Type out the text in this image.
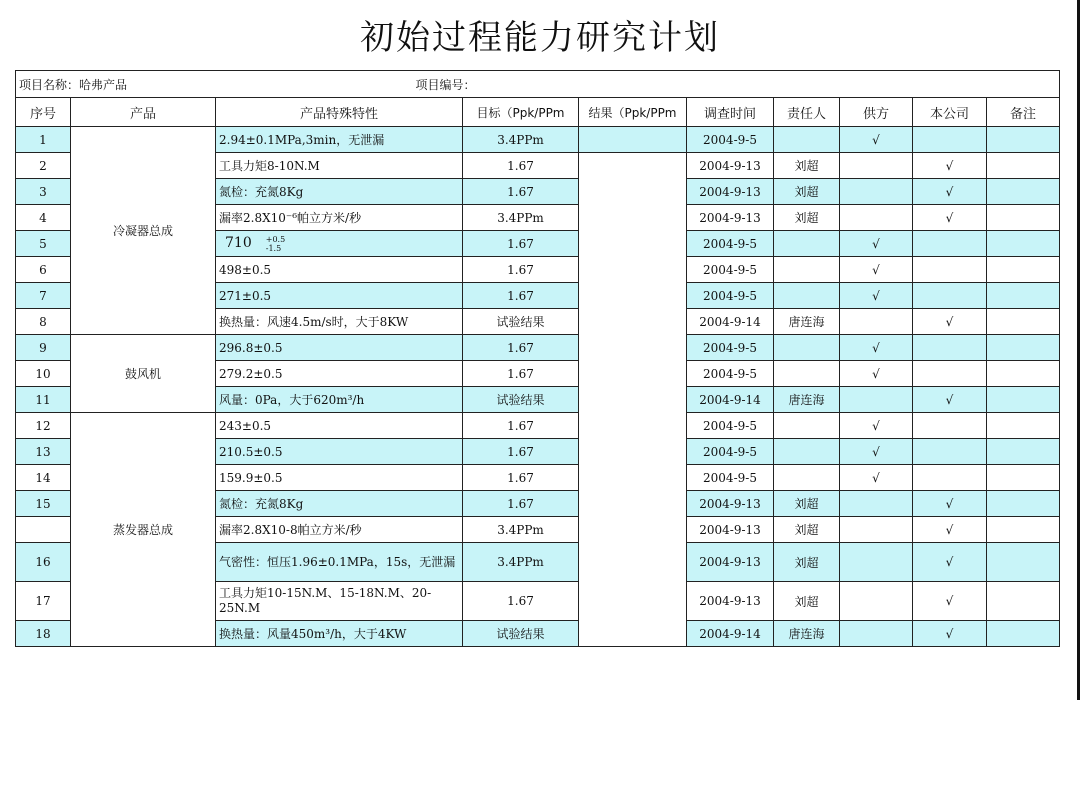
初始过程能力研究计划
项目名称：哈弗产品			项目编号：						
序号	产品	产品特殊特性	目标（Ppk/PPm	结果（Ppk/PPm	调查时间	责任人	供方	本公司	备注
1	冷凝器总成	2.94±0.1MPa,3min，无泄漏	3.4PPm		2004-9-5		√		
2		工具力矩8-10N.M	1.67		2004-9-13	刘超		√	
3		氮检：充氮8Kg	1.67		2004-9-13	刘超		√	
4		漏率2.8X10⁻⁶帕立方米/秒	3.4PPm		2004-9-13	刘超		√	
5		710 +0.5
-1.5	1.67		2004-9-5		√		
6		498±0.5	1.67		2004-9-5		√		
7		271±0.5	1.67		2004-9-5		√		
8		换热量：风速4.5m/s时，大于8KW	试验结果		2004-9-14	唐连海		√	
9	鼓风机	296.8±0.5	1.67		2004-9-5		√		
10		279.2±0.5	1.67		2004-9-5		√		
11		风量：0Pa，大于620m³/h	试验结果		2004-9-14	唐连海		√	
12	蒸发器总成	243±0.5	1.67		2004-9-5		√		
13		210.5±0.5	1.67		2004-9-5		√		
14		159.9±0.5	1.67		2004-9-5		√		
15		氮检：充氮8Kg	1.67		2004-9-13	刘超		√	
		漏率2.8X10-8帕立方米/秒	3.4PPm		2004-9-13	刘超		√	
16		气密性：恒压1.96±0.1MPa，15s，无泄漏	3.4PPm		2004-9-13	刘超		√	
17		工具力矩10-15N.M、15-18N.M、20-25N.M	1.67		2004-9-13	刘超		√	
18		换热量：风量450m³/h，大于4KW	试验结果		2004-9-14	唐连海		√	
